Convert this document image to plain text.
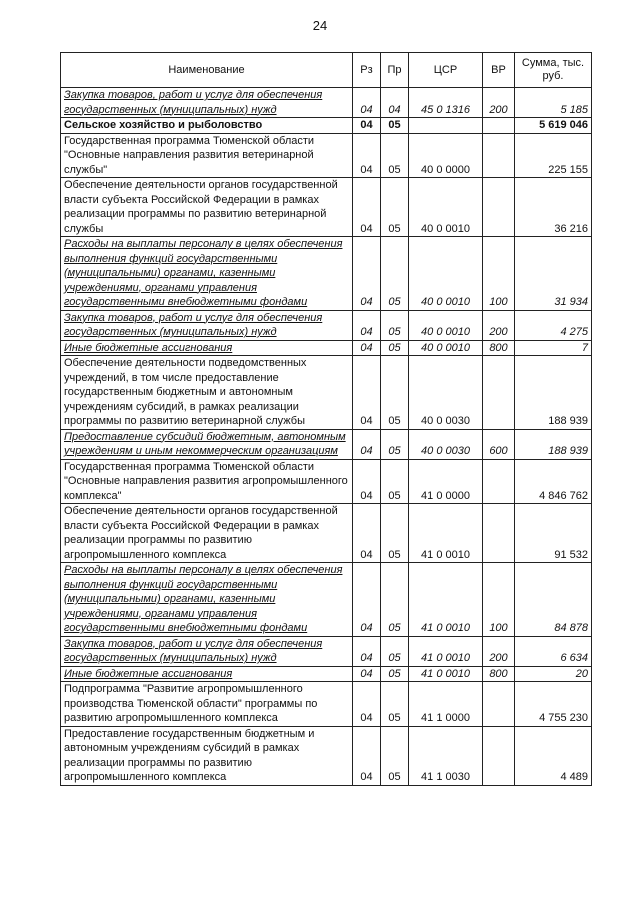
24
Наименование	Рз	Пр	ЦСР	ВР	Сумма, тыс. руб.
Закупка товаров, работ и услуг для обеспечения государственных (муниципальных) нужд	04	04	45 0 1316	200	5 185
Сельское хозяйство и рыболовство	04	05			5 619 046
Государственная программа Тюменской области "Основные направления развития ветеринарной службы"	04	05	40 0 0000		225 155
Обеспечение деятельности органов государственной власти субъекта Российской Федерации в рамках реализации программы по развитию ветеринарной службы	04	05	40 0 0010		36 216
Расходы на выплаты персоналу в целях обеспечения выполнения функций государственными (муниципальными) органами, казенными учреждениями, органами управления государственными внебюджетными фондами	04	05	40 0 0010	100	31 934
Закупка товаров, работ и услуг для обеспечения государственных (муниципальных) нужд	04	05	40 0 0010	200	4 275
Иные бюджетные ассигнования	04	05	40 0 0010	800	7
Обеспечение деятельности подведомственных учреждений, в том числе предоставление государственным бюджетным и автономным учреждениям субсидий, в рамках реализации программы по развитию ветеринарной службы	04	05	40 0 0030		188 939
Предоставление субсидий бюджетным, автономным учреждениям и иным некоммерческим организациям	04	05	40 0 0030	600	188 939
Государственная программа Тюменской области "Основные направления развития агропромышленного комплекса"	04	05	41 0 0000		4 846 762
Обеспечение деятельности органов государственной власти субъекта Российской Федерации в рамках реализации программы по развитию агропромышленного комплекса	04	05	41 0 0010		91 532
Расходы на выплаты персоналу в целях обеспечения выполнения функций государственными (муниципальными) органами, казенными учреждениями, органами управления государственными внебюджетными фондами	04	05	41 0 0010	100	84 878
Закупка товаров, работ и услуг для обеспечения государственных (муниципальных) нужд	04	05	41 0 0010	200	6 634
Иные бюджетные ассигнования	04	05	41 0 0010	800	20
Подпрограмма "Развитие агропромышленного производства Тюменской области" программы по развитию агропромышленного комплекса	04	05	41 1 0000		4 755 230
Предоставление государственным бюджетным и автономным учреждениям субсидий в рамках реализации программы по развитию агропромышленного комплекса	04	05	41 1 0030		4 489
